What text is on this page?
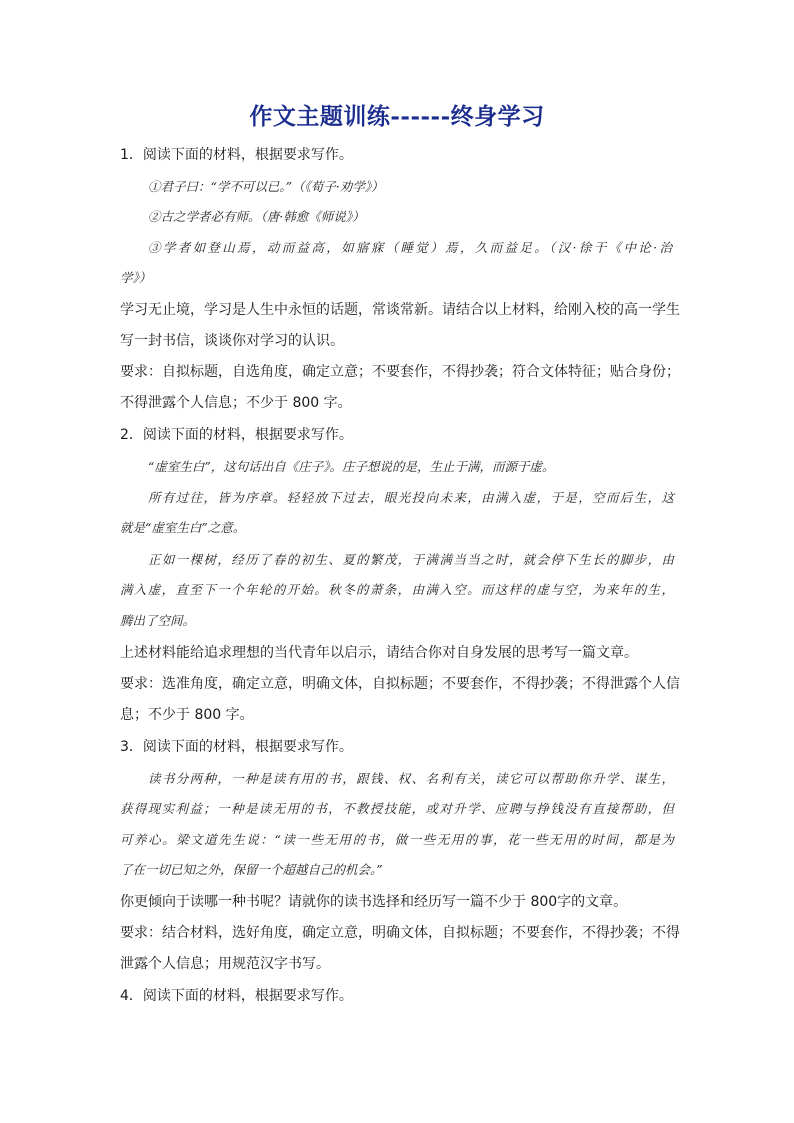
作文主题训练------终身学习

1．阅读下面的材料，根据要求写作。

①君子曰：“学不可以已。”（《荀子·劝学》）

②古之学者必有师。（唐·韩愈《师说》）

③学者如登山焉，动而益高，如寤寐（睡觉）焉，久而益足。（汉·徐干《中论·治

学》）

学习无止境，学习是人生中永恒的话题，常谈常新。请结合以上材料，给刚入校的高一学生

写一封书信，谈谈你对学习的认识。

要求：自拟标题，自选角度，确定立意；不要套作，不得抄袭；符合文体特征；贴合身份；

不得泄露个人信息；不少于 800 字。

2．阅读下面的材料，根据要求写作。

“虚室生白”，这句话出自《庄子》。庄子想说的是，生止于满，而源于虚。

所有过往，皆为序章。轻轻放下过去，眼光投向未来，由满入虚，于是，空而后生，这

就是“虚室生白”之意。

正如一棵树，经历了春的初生、夏的繁茂，于满满当当之时，就会停下生长的脚步，由

满入虚，直至下一个年轮的开始。秋冬的萧条，由满入空。而这样的虚与空，为来年的生，

腾出了空间。

上述材料能给追求理想的当代青年以启示，请结合你对自身发展的思考写一篇文章。

要求：选准角度，确定立意，明确文体，自拟标题；不要套作，不得抄袭；不得泄露个人信

息；不少于 800 字。

3．阅读下面的材料，根据要求写作。

读书分两种，一种是读有用的书，跟钱、权、名利有关，读它可以帮助你升学、谋生，

获得现实利益；一种是读无用的书，不教授技能，或对升学、应聘与挣钱没有直接帮助，但

可养心。梁文道先生说：“读一些无用的书，做一些无用的事，花一些无用的时间，都是为

了在一切已知之外，保留一个超越自己的机会。”

你更倾向于读哪一种书呢？请就你的读书选择和经历写一篇不少于 800字的文章。

要求：结合材料，选好角度，确定立意，明确文体，自拟标题；不要套作，不得抄袭；不得

泄露个人信息；用规范汉字书写。

4．阅读下面的材料，根据要求写作。
